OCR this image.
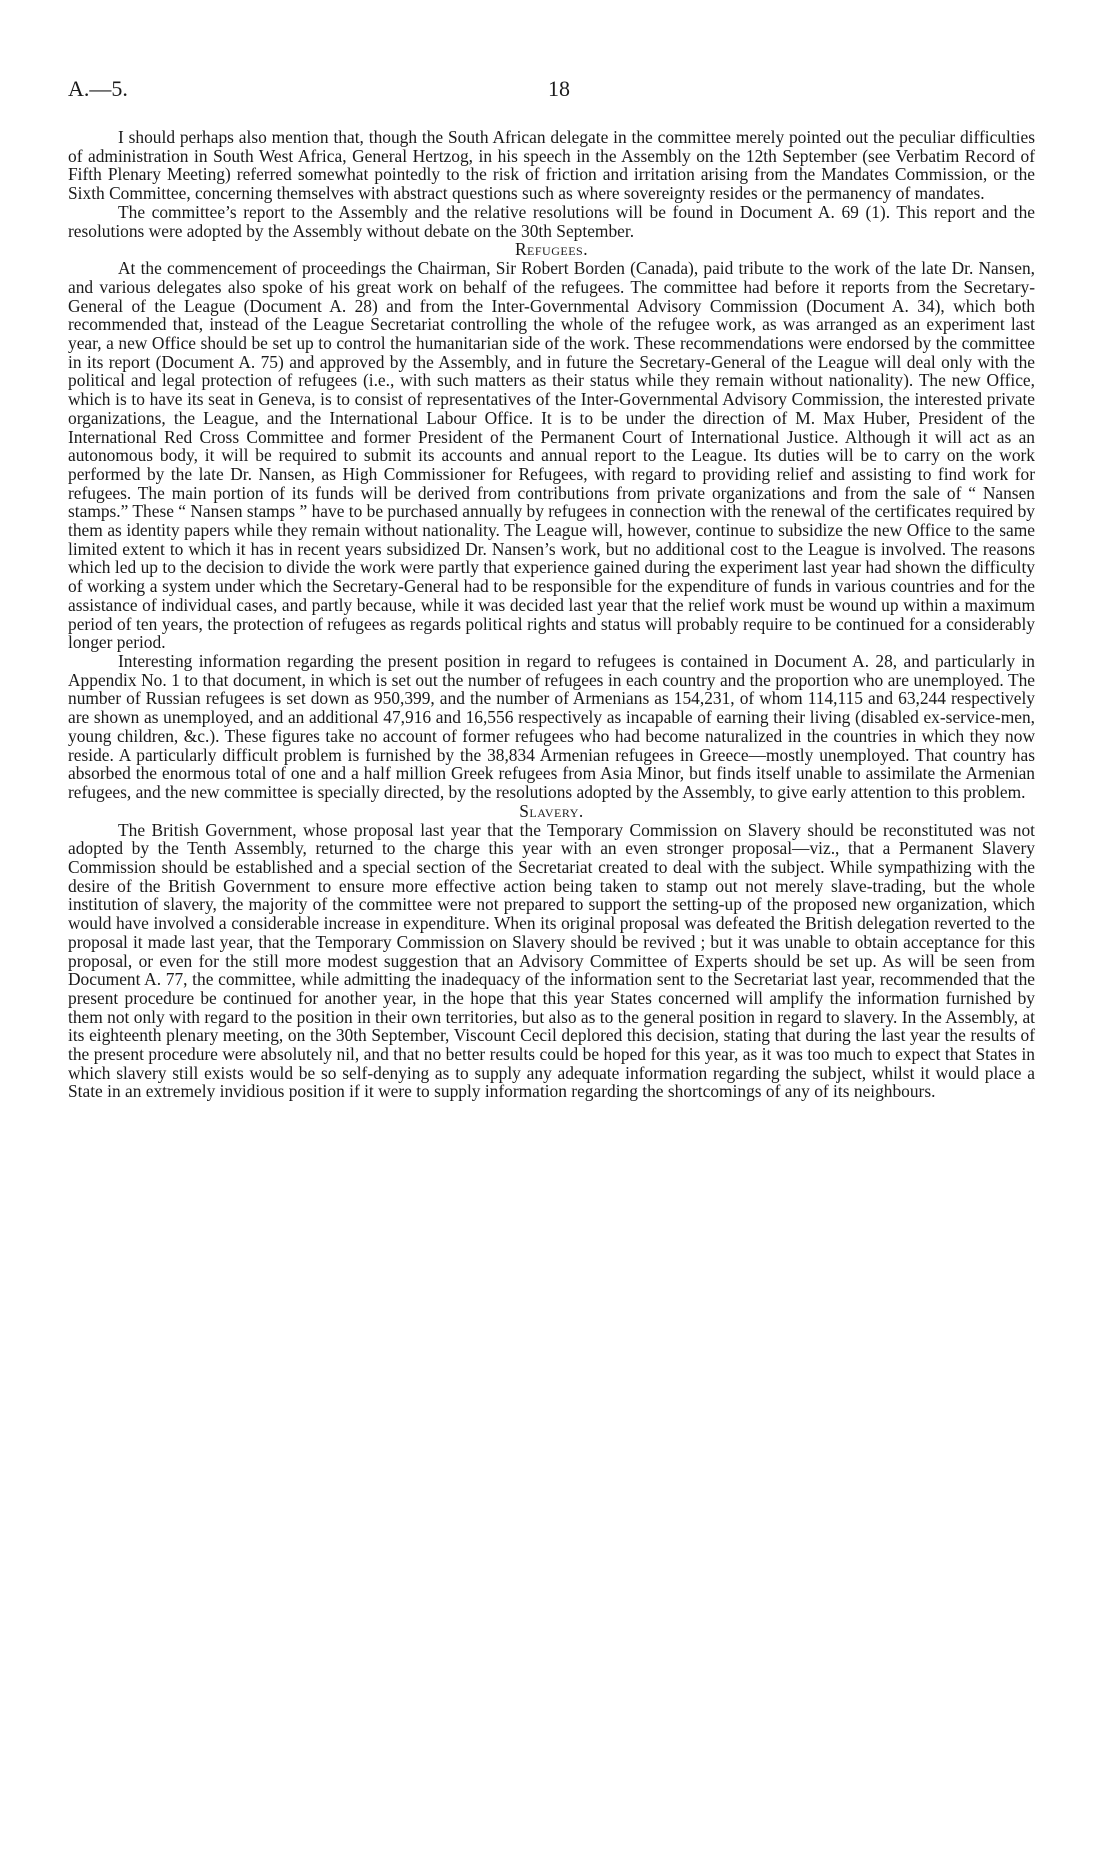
A.—5.	18

I should perhaps also mention that, though the South African delegate in the committee merely pointed out the peculiar difficulties of administration in South West Africa, General Hertzog, in his speech in the Assembly on the 12th September (see Verbatim Record of Fifth Plenary Meeting) referred somewhat pointedly to the risk of friction and irritation arising from the Mandates Commission, or the Sixth Committee, concerning themselves with abstract questions such as where sovereignty resides or the permanency of mandates.

The committee’s report to the Assembly and the relative resolutions will be found in Document A. 69 (1). This report and the resolutions were adopted by the Assembly without debate on the 30th September.

Refugees.

At the commencement of proceedings the Chairman, Sir Robert Borden (Canada), paid tribute to the work of the late Dr. Nansen, and various delegates also spoke of his great work on behalf of the refugees. The committee had before it reports from the Secretary-General of the League (Document A. 28) and from the Inter-Governmental Advisory Commission (Document A. 34), which both recommended that, instead of the League Secretariat controlling the whole of the refugee work, as was arranged as an experiment last year, a new Office should be set up to control the humanitarian side of the work. These recommendations were endorsed by the committee in its report (Document A. 75) and approved by the Assembly, and in future the Secretary-General of the League will deal only with the political and legal protection of refugees (i.e., with such matters as their status while they remain without nationality). The new Office, which is to have its seat in Geneva, is to consist of representatives of the Inter-Governmental Advisory Commission, the interested private organizations, the League, and the International Labour Office. It is to be under the direction of M. Max Huber, President of the International Red Cross Committee and former President of the Permanent Court of International Justice. Although it will act as an autonomous body, it will be required to submit its accounts and annual report to the League. Its duties will be to carry on the work performed by the late Dr. Nansen, as High Commissioner for Refugees, with regard to providing relief and assisting to find work for refugees. The main portion of its funds will be derived from contributions from private organizations and from the sale of “ Nansen stamps.” These “ Nansen stamps ” have to be purchased annually by refugees in connection with the renewal of the certificates required by them as identity papers while they remain without nationality. The League will, however, continue to subsidize the new Office to the same limited extent to which it has in recent years subsidized Dr. Nansen’s work, but no additional cost to the League is involved. The reasons which led up to the decision to divide the work were partly that experience gained during the experiment last year had shown the difficulty of working a system under which the Secretary-General had to be responsible for the expenditure of funds in various countries and for the assistance of individual cases, and partly because, while it was decided last year that the relief work must be wound up within a maximum period of ten years, the protection of refugees as regards political rights and status will probably require to be continued for a considerably longer period.

Interesting information regarding the present position in regard to refugees is contained in Document A. 28, and particularly in Appendix No. 1 to that document, in which is set out the number of refugees in each country and the proportion who are unemployed. The number of Russian refugees is set down as 950,399, and the number of Armenians as 154,231, of whom 114,115 and 63,244 respectively are shown as unemployed, and an additional 47,916 and 16,556 respectively as incapable of earning their living (disabled ex-service-men, young children, &c.). These figures take no account of former refugees who had become naturalized in the countries in which they now reside. A particularly difficult problem is furnished by the 38,834 Armenian refugees in Greece—mostly unemployed. That country has absorbed the enormous total of one and a half million Greek refugees from Asia Minor, but finds itself unable to assimilate the Armenian refugees, and the new committee is specially directed, by the resolutions adopted by the Assembly, to give early attention to this problem.

Slavery.

The British Government, whose proposal last year that the Temporary Commission on Slavery should be reconstituted was not adopted by the Tenth Assembly, returned to the charge this year with an even stronger proposal—viz., that a Permanent Slavery Commission should be established and a special section of the Secretariat created to deal with the subject. While sympathizing with the desire of the British Government to ensure more effective action being taken to stamp out not merely slave-trading, but the whole institution of slavery, the majority of the committee were not prepared to support the setting-up of the proposed new organization, which would have involved a considerable increase in expenditure. When its original proposal was defeated the British delegation reverted to the proposal it made last year, that the Temporary Commission on Slavery should be revived ; but it was unable to obtain acceptance for this proposal, or even for the still more modest suggestion that an Advisory Committee of Experts should be set up. As will be seen from Document A. 77, the committee, while admitting the inadequacy of the information sent to the Secretariat last year, recommended that the present procedure be continued for another year, in the hope that this year States concerned will amplify the information furnished by them not only with regard to the position in their own territories, but also as to the general position in regard to slavery. In the Assembly, at its eighteenth plenary meeting, on the 30th September, Viscount Cecil deplored this decision, stating that during the last year the results of the present procedure were absolutely nil, and that no better results could be hoped for this year, as it was too much to expect that States in which slavery still exists would be so self-denying as to supply any adequate information regarding the subject, whilst it would place a State in an extremely invidious position if it were to supply information regarding the shortcomings of any of its neighbours.
